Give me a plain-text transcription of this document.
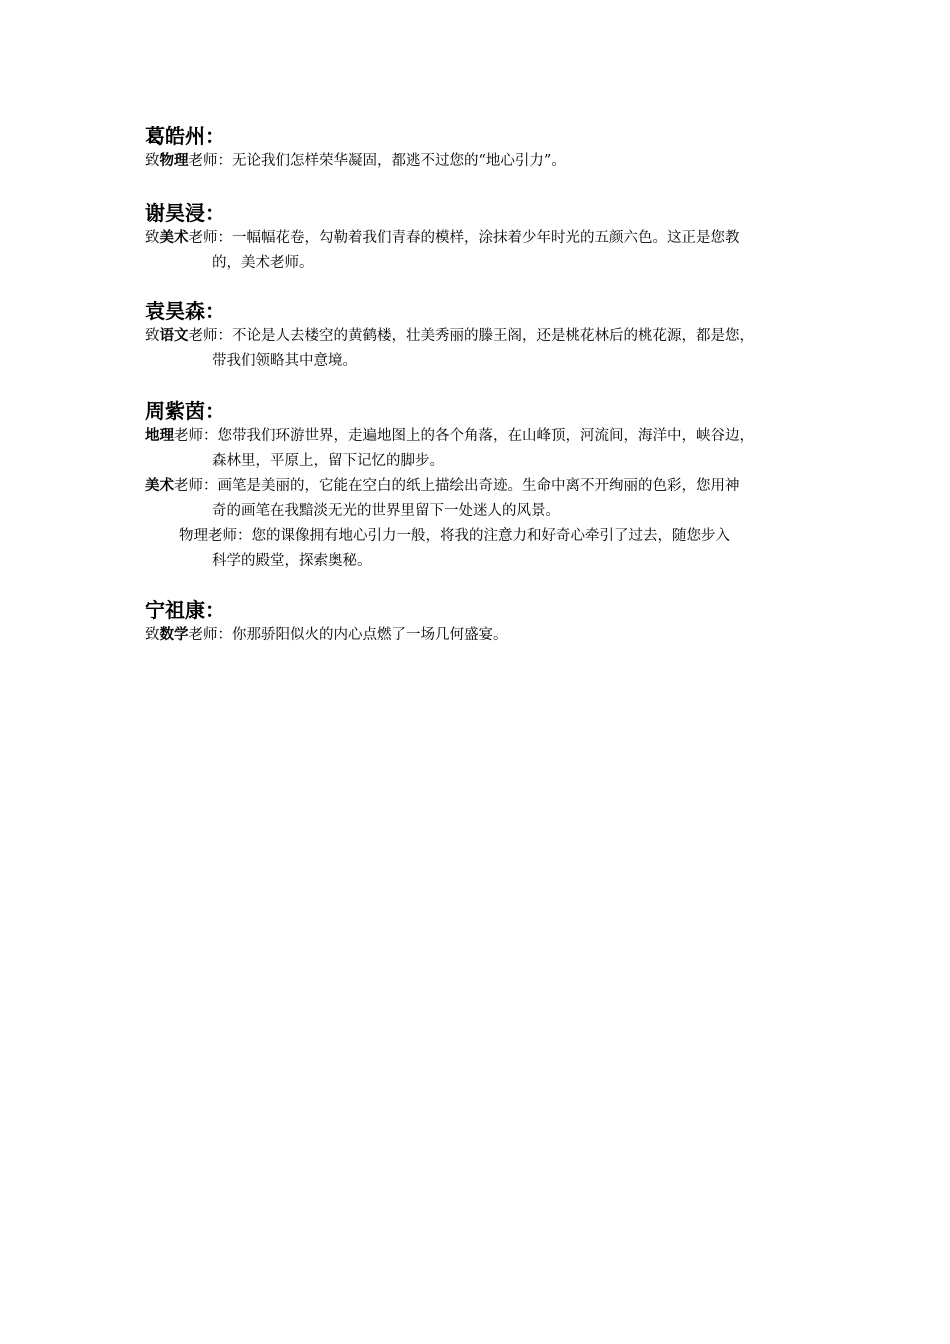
葛皓州：

致物理老师：无论我们怎样荣华凝固，都逃不过您的“地心引力”。

谢昊浸：

致美术老师：一幅幅花卷，勾勒着我们青春的模样，涂抹着少年时光的五颜六色。这正是您教
的，美术老师。

袁昊森：

致语文老师：不论是人去楼空的黄鹤楼，壮美秀丽的滕王阁，还是桃花林后的桃花源，都是您，
带我们领略其中意境。

周紫茵：

地理老师：您带我们环游世界，走遍地图上的各个角落，在山峰顶，河流间，海洋中，峡谷边，
森林里，平原上，留下记忆的脚步。

美术老师：画笔是美丽的，它能在空白的纸上描绘出奇迹。生命中离不开绚丽的色彩，您用神
奇的画笔在我黯淡无光的世界里留下一处迷人的风景。

物理老师：您的课像拥有地心引力一般，将我的注意力和好奇心牵引了过去，随您步入
科学的殿堂，探索奥秘。

宁祖康：

致数学老师：你那骄阳似火的内心点燃了一场几何盛宴。
